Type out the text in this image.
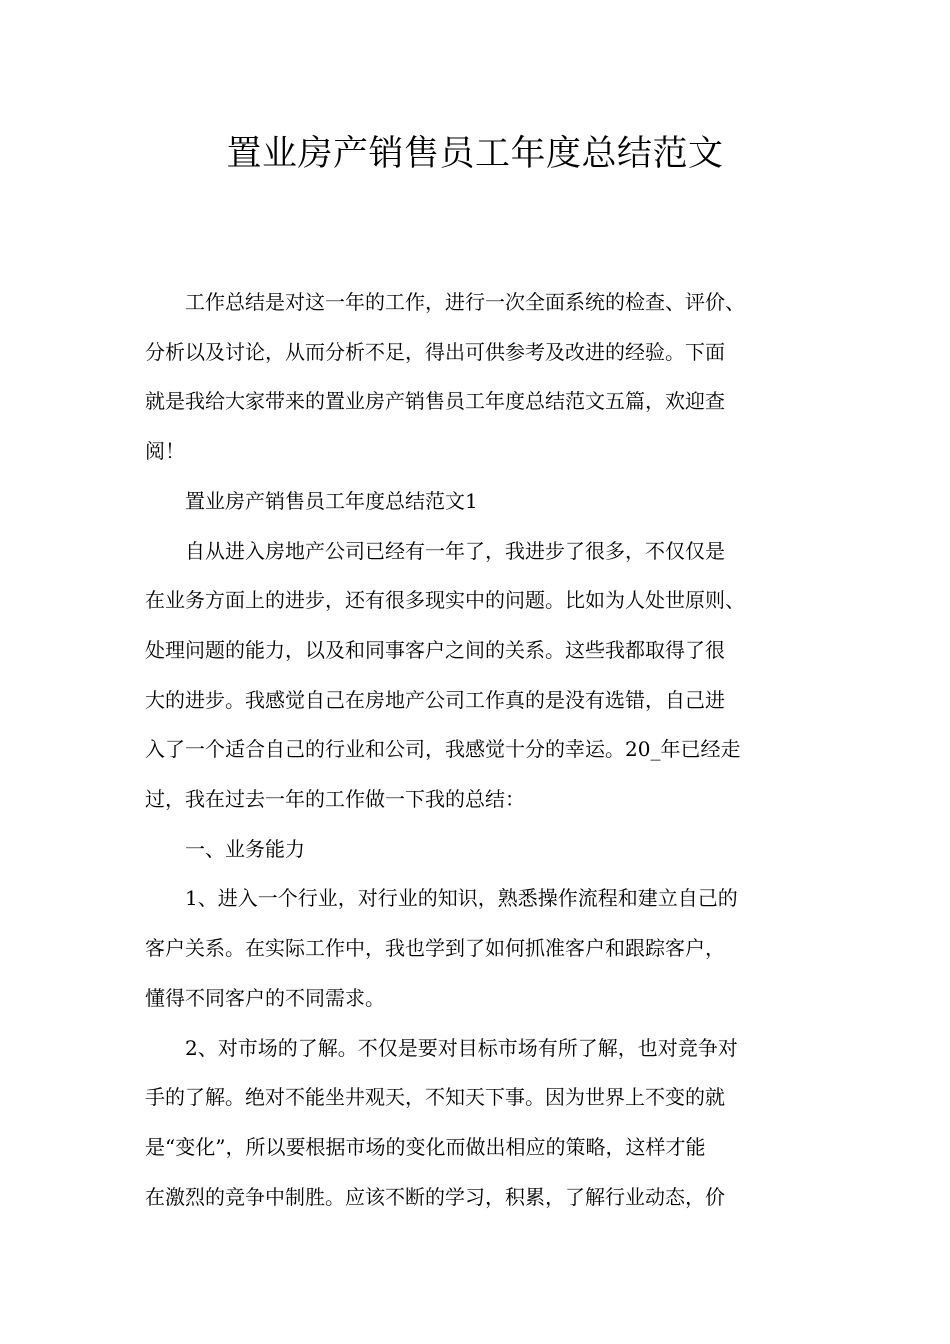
置业房产销售员工年度总结范文

工作总结是对这一年的工作，进行一次全面系统的检查、评价、

分析以及讨论，从而分析不足，得出可供参考及改进的经验。下面

就是我给大家带来的置业房产销售员工年度总结范文五篇，欢迎查

阅！

置业房产销售员工年度总结范文1

自从进入房地产公司已经有一年了，我进步了很多，不仅仅是

在业务方面上的进步，还有很多现实中的问题。比如为人处世原则、

处理问题的能力，以及和同事客户之间的关系。这些我都取得了很

大的进步。我感觉自己在房地产公司工作真的是没有选错，自己进

入了一个适合自己的行业和公司，我感觉十分的幸运。20_年已经走

过，我在过去一年的工作做一下我的总结：

一、业务能力

1、进入一个行业，对行业的知识，熟悉操作流程和建立自己的

客户关系。在实际工作中，我也学到了如何抓准客户和跟踪客户，

懂得不同客户的不同需求。

2、对市场的了解。不仅是要对目标市场有所了解，也对竞争对

手的了解。绝对不能坐井观天，不知天下事。因为世界上不变的就

是“变化”，所以要根据市场的变化而做出相应的策略，这样才能

在激烈的竞争中制胜。应该不断的学习，积累，了解行业动态，价
